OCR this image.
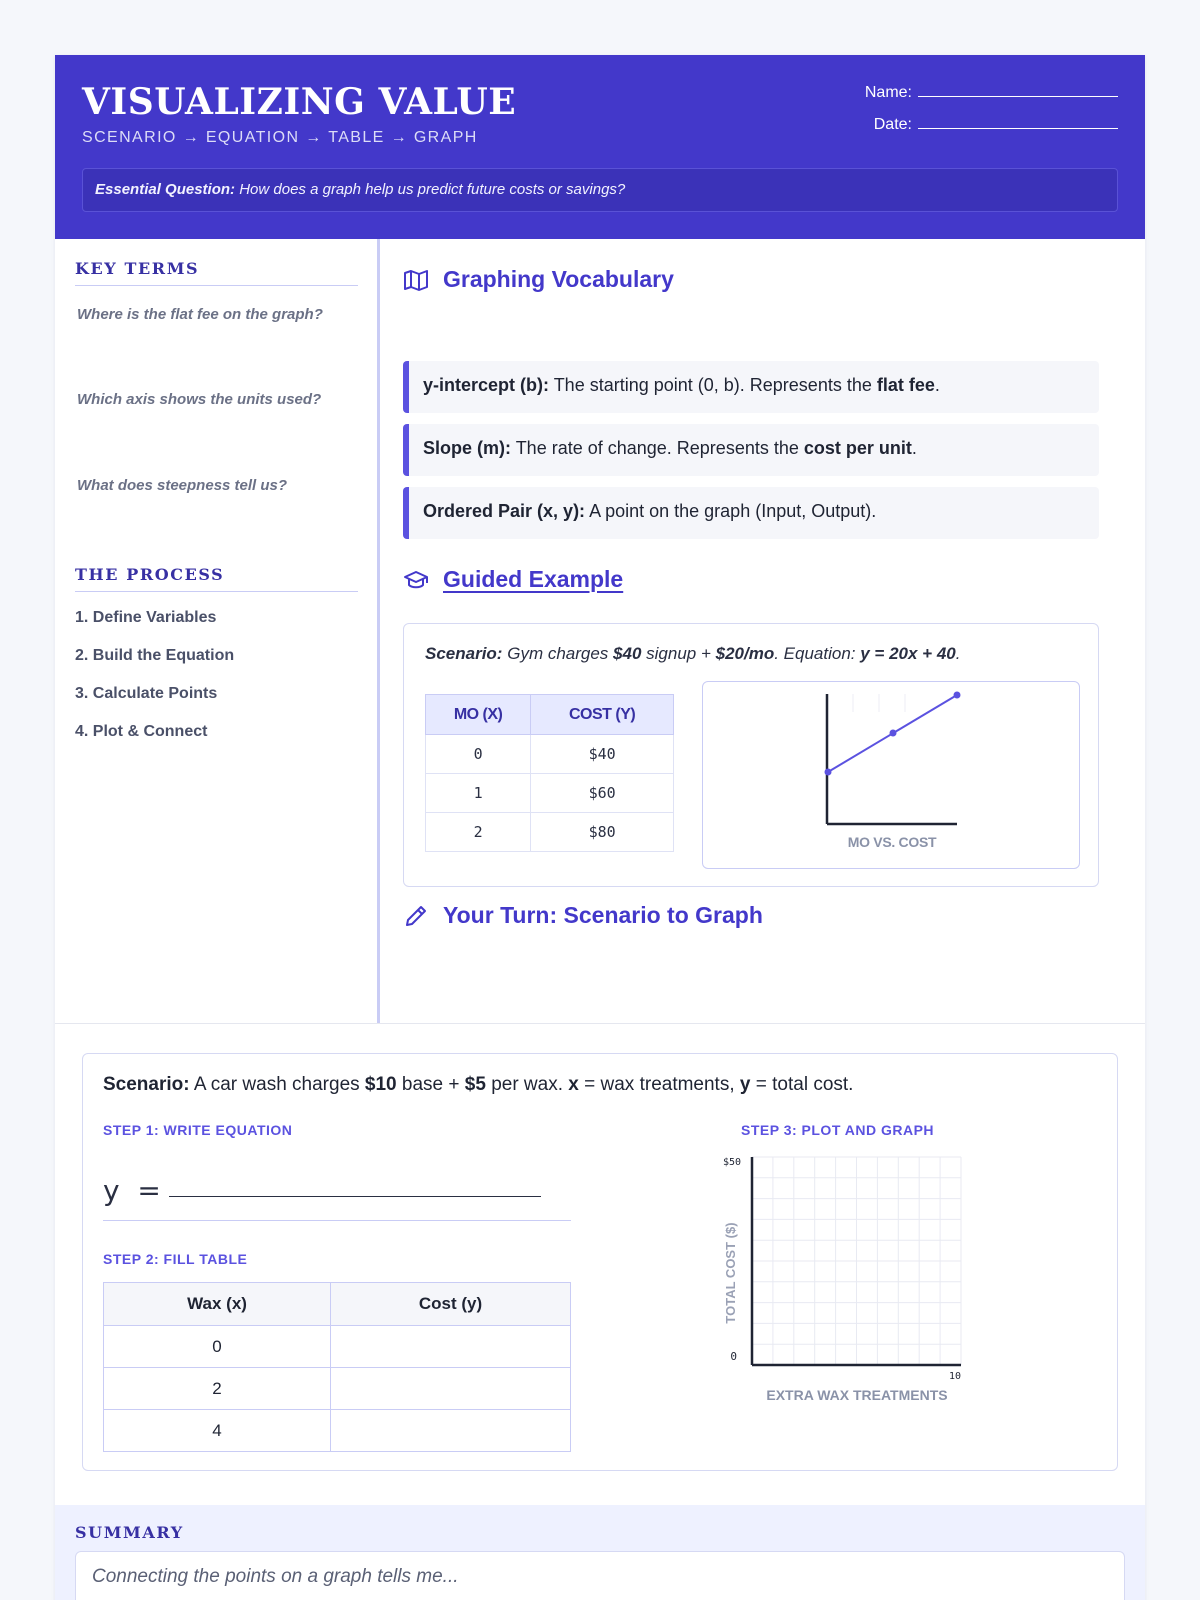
VISUALIZING VALUE
SCENARIO → EQUATION → TABLE → GRAPH
Name:
Date:
Essential Question: How does a graph help us predict future costs or savings?
KEY TERMS
Where is the flat fee on the graph?
Which axis shows the units used?
What does steepness tell us?
THE PROCESS
1. Define Variables
2. Build the Equation
3. Calculate Points
4. Plot & Connect
Graphing Vocabulary
y-intercept (b): The starting point (0, b). Represents the flat fee.
Slope (m): The rate of change. Represents the cost per unit.
Ordered Pair (x, y): A point on the graph (Input, Output).
Guided Example
Scenario: Gym charges $40 signup + $20/mo. Equation: y = 20x + 40.
MO (X)	COST (Y)
0	$40
1	$60
2	$80
MO VS. COST
Your Turn: Scenario to Graph
Scenario: A car wash charges $10 base + $5 per wax. x = wax treatments, y = total cost.
STEP 1: WRITE EQUATION
y  =
STEP 2: FILL TABLE
Wax (x)	Cost (y)
0	
2	
4	
STEP 3: PLOT AND GRAPH
$50
0
10
TOTAL COST ($)
EXTRA WAX TREATMENTS
SUMMARY
Connecting the points on a graph tells me...
